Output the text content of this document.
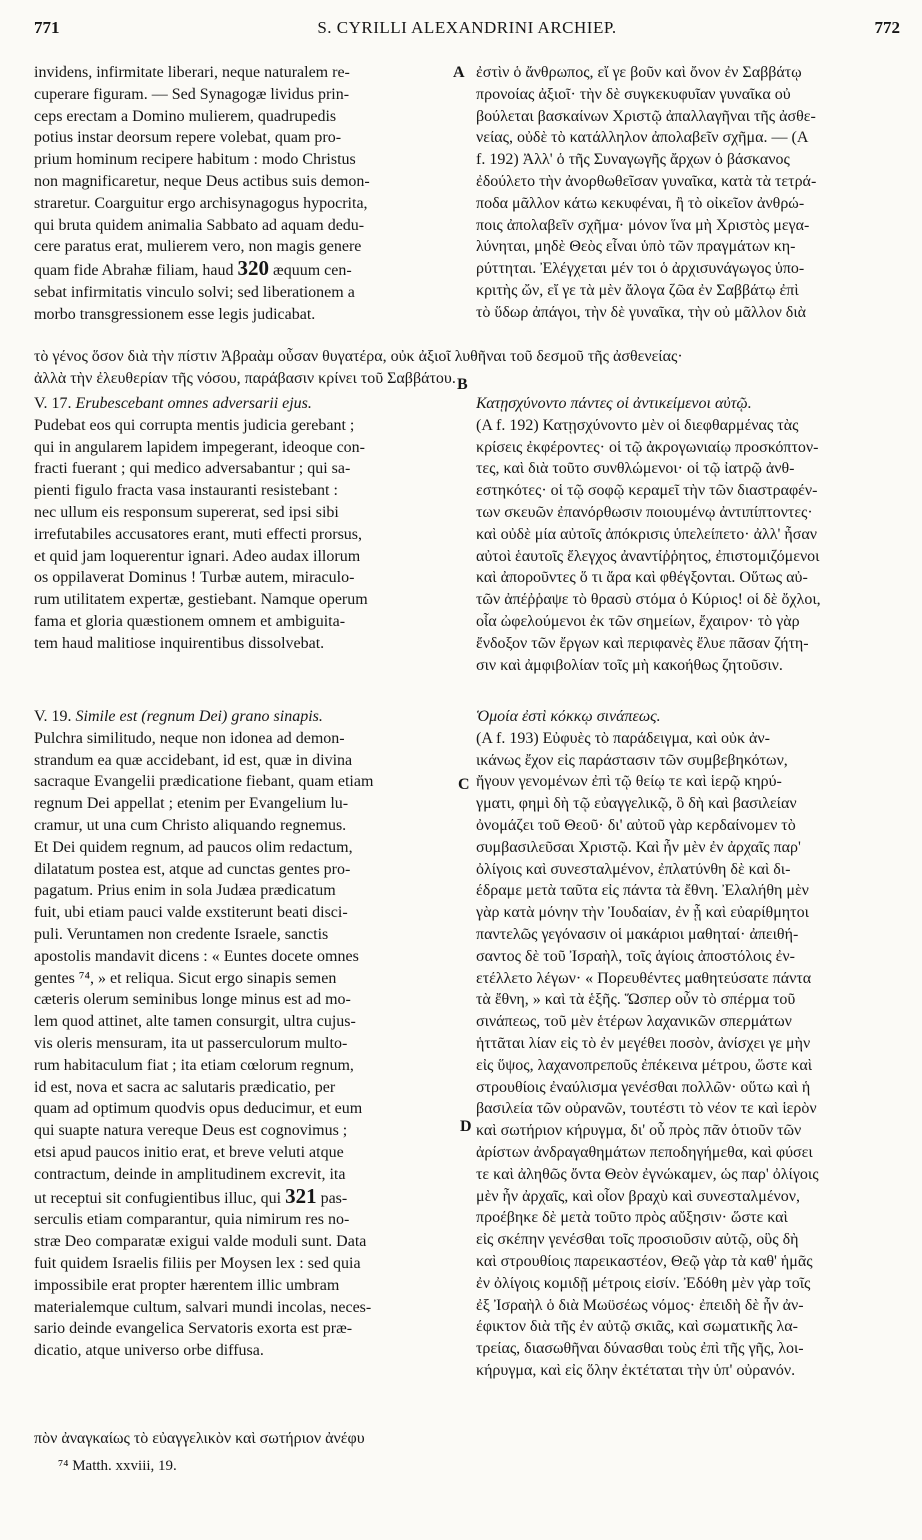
771	S. CYRILLI ALEXANDRINI ARCHIEP.	772
A
B
C
D
invidens, infirmitate liberari, neque naturalem re-
cuperare figuram. — Sed Synagogæ lividus prin-
ceps erectam a Domino mulierem, quadrupedis
potius instar deorsum repere volebat, quam pro-
prium hominum recipere habitum : modo Christus
non magnificaretur, neque Deus actibus suis demon-
straretur. Coarguitur ergo archisynagogus hypocrita,
qui bruta quidem animalia Sabbato ad aquam dedu-
cere paratus erat, mulierem vero, non magis genere
quam fide Abrahæ filiam, haud 320 æquum cen-
sebat infirmitatis vinculo solvi; sed liberationem a
morbo transgressionem esse legis judicabat.
ἐστὶν ὁ ἄνθρωπος, εἴ γε βοῦν καὶ ὄνον ἐν Σαββάτῳ
προνοίας ἀξιοῖ· τὴν δὲ συγκεκυφυῖαν γυναῖκα οὐ
βούλεται βασκαίνων Χριστῷ ἀπαλλαγῆναι τῆς ἀσθε-
νείας, οὐδὲ τὸ κατάλληλον ἀπολαβεῖν σχῆμα. — (A
f. 192) Ἀλλ' ὁ τῆς Συναγωγῆς ἄρχων ὁ βάσκανος
ἐδούλετο τὴν ἀνορθωθεῖσαν γυναῖκα, κατὰ τὰ τετρά-
ποδα μᾶλλον κάτω κεκυφέναι, ἢ τὸ οἰκεῖον ἀνθρώ-
ποις ἀπολαβεῖν σχῆμα· μόνον ἵνα μὴ Χριστὸς μεγα-
λύνηται, μηδὲ Θεὸς εἶναι ὑπὸ τῶν πραγμάτων κη-
ρύττηται. Ἐλέγχεται μέν τοι ὁ ἀρχισυνάγωγος ὑπο-
κριτὴς ὤν, εἴ γε τὰ μὲν ἄλογα ζῶα ἐν Σαββάτῳ ἐπὶ
τὸ ὕδωρ ἀπάγοι, τὴν δὲ γυναῖκα, τὴν οὐ μᾶλλον διὰ
τὸ γένος ὅσον διὰ τὴν πίστιν Ἀβραὰμ οὖσαν θυγατέρα, οὐκ ἀξιοῖ λυθῆναι τοῦ δεσμοῦ τῆς ἀσθενείας·
ἀλλὰ τὴν ἐλευθερίαν τῆς νόσου, παράβασιν κρίνει τοῦ Σαββάτου.
V. 17. Erubescebant omnes adversarii ejus.
Pudebat eos qui corrupta mentis judicia gerebant ;
qui in angularem lapidem impegerant, ideoque con-
fracti fuerant ; qui medico adversabantur ; qui sa-
pienti figulo fracta vasa instauranti resistebant :
nec ullum eis responsum supererat, sed ipsi sibi
irrefutabiles accusatores erant, muti effecti prorsus,
et quid jam loquerentur ignari. Adeo audax illorum
os oppilaverat Dominus ! Turbæ autem, miraculo-
rum utilitatem expertæ, gestiebant. Namque operum
fama et gloria quæstionem omnem et ambiguita-
tem haud malitiose inquirentibus dissolvebat.
Κατῃσχύνοντο πάντες οἱ ἀντικείμενοι αὐτῷ.
(A f. 192) Κατῃσχύνοντο μὲν οἱ διεφθαρμένας τὰς
κρίσεις ἐκφέροντες· οἱ τῷ ἀκρογωνιαίῳ προσκόπτον-
τες, καὶ διὰ τοῦτο συνθλώμενοι· οἱ τῷ ἰατρῷ ἀνθ-
εστηκότες· οἱ τῷ σοφῷ κεραμεῖ τὴν τῶν διαστραφέν-
των σκευῶν ἐπανόρθωσιν ποιουμένῳ ἀντιπίπτοντες·
καὶ οὐδὲ μία αὐτοῖς ἀπόκρισις ὑπελείπετο· ἀλλ' ἦσαν
αὐτοὶ ἑαυτοῖς ἔλεγχος ἀναντίῤῥητος, ἐπιστομιζόμενοι
καὶ ἀποροῦντες ὅ τι ἄρα καὶ φθέγξονται. Οὕτως αὐ-
τῶν ἀπέῤῥαψε τὸ θρασὺ στόμα ὁ Κύριος! οἱ δὲ ὄχλοι,
οἷα ὠφελούμενοι ἐκ τῶν σημείων, ἔχαιρον· τὸ γὰρ
ἔνδοξον τῶν ἔργων καὶ περιφανὲς ἔλυε πᾶσαν ζήτη-
σιν καὶ ἀμφιβολίαν τοῖς μὴ κακοήθως ζητοῦσιν.
V. 19. Simile est (regnum Dei) grano sinapis.
Pulchra similitudo, neque non idonea ad demon-
strandum ea quæ accidebant, id est, quæ in divina
sacraque Evangelii prædicatione fiebant, quam etiam
regnum Dei appellat ; etenim per Evangelium lu-
cramur, ut una cum Christo aliquando regnemus.
Et Dei quidem regnum, ad paucos olim redactum,
dilatatum postea est, atque ad cunctas gentes pro-
pagatum. Prius enim in sola Judæa prædicatum
fuit, ubi etiam pauci valde exstiterunt beati disci-
puli. Veruntamen non credente Israele, sanctis
apostolis mandavit dicens : « Euntes docete omnes
gentes ⁷⁴, » et reliqua. Sicut ergo sinapis semen
cæteris olerum seminibus longe minus est ad mo-
lem quod attinet, alte tamen consurgit, ultra cujus-
vis oleris mensuram, ita ut passerculorum multo-
rum habitaculum fiat ; ita etiam cœlorum regnum,
id est, nova et sacra ac salutaris prædicatio, per
quam ad optimum quodvis opus deducimur, et eum
qui suapte natura vereque Deus est cognovimus ;
etsi apud paucos initio erat, et breve veluti atque
contractum, deinde in amplitudinem excrevit, ita
ut receptui sit confugientibus illuc, qui 321 pas-
serculis etiam comparantur, quia nimirum res no-
stræ Deo comparatæ exigui valde moduli sunt. Data
fuit quidem Israelis filiis per Moysen lex : sed quia
impossibile erat propter hærentem illic umbram
materialemque cultum, salvari mundi incolas, neces-
sario deinde evangelica Servatoris exorta est præ-
dicatio, atque universo orbe diffusa.
πὸν ἀναγκαίως τὸ εὐαγγελικὸν καὶ σωτήριον ἀνέφυ
Ὁμοία ἐστὶ κόκκῳ σινάπεως.
(A f. 193) Εὐφυὲς τὸ παράδειγμα, καὶ οὐκ ἀν-
ικάνως ἔχον εἰς παράστασιν τῶν συμβεβηκότων,
ἤγουν γενομένων ἐπὶ τῷ θείῳ τε καὶ ἱερῷ κηρύ-
γματι, φημὶ δὴ τῷ εὐαγγελικῷ, ὃ δὴ καὶ βασιλείαν
ὀνομάζει τοῦ Θεοῦ· δι' αὐτοῦ γὰρ κερδαίνομεν τὸ
συμβασιλεῦσαι Χριστῷ. Καὶ ἦν μὲν ἐν ἀρχαῖς παρ'
ὀλίγοις καὶ συνεσταλμένον, ἐπλατύνθη δὲ καὶ δι-
έδραμε μετὰ ταῦτα εἰς πάντα τὰ ἔθνη. Ἐλαλήθη μὲν
γὰρ κατὰ μόνην τὴν Ἰουδαίαν, ἐν ᾗ καὶ εὐαρίθμητοι
παντελῶς γεγόνασιν οἱ μακάριοι μαθηταί· ἀπειθή-
σαντος δὲ τοῦ Ἰσραὴλ, τοῖς ἁγίοις ἀποστόλοις ἐν-
ετέλλετο λέγων· « Πορευθέντες μαθητεύσατε πάντα
τὰ ἔθνη, » καὶ τὰ ἑξῆς. Ὥσπερ οὖν τὸ σπέρμα τοῦ
σινάπεως, τοῦ μὲν ἑτέρων λαχανικῶν σπερμάτων
ἡττᾶται λίαν εἰς τὸ ἐν μεγέθει ποσὸν, ἀνίσχει γε μὴν
εἰς ὕψος, λαχανοπρεποῦς ἐπέκεινα μέτρου, ὥστε καὶ
στρουθίοις ἐναύλισμα γενέσθαι πολλῶν· οὕτω καὶ ἡ
βασιλεία τῶν οὐρανῶν, τουτέστι τὸ νέον τε καὶ ἱερὸν
καὶ σωτήριον κήρυγμα, δι' οὗ πρὸς πᾶν ὁτιοῦν τῶν
ἀρίστων ἀνδραγαθημάτων πεποδηγήμεθα, καὶ φύσει
τε καὶ ἀληθῶς ὄντα Θεὸν ἐγνώκαμεν, ὡς παρ' ὀλίγοις
μὲν ἦν ἀρχαῖς, καὶ οἷον βραχὺ καὶ συνεσταλμένον,
προέβηκε δὲ μετὰ τοῦτο πρὸς αὔξησιν· ὥστε καὶ
εἰς σκέπην γενέσθαι τοῖς προσιοῦσιν αὐτῷ, οὓς δὴ
καὶ στρουθίοις παρεικαστέον, Θεῷ γὰρ τὰ καθ' ἡμᾶς
ἐν ὀλίγοις κομιδῇ μέτροις εἰσίν. Ἐδόθη μὲν γὰρ τοῖς
ἐξ Ἰσραὴλ ὁ διὰ Μωϋσέως νόμος· ἐπειδὴ δὲ ἦν ἀν-
έφικτον διὰ τῆς ἐν αὐτῷ σκιᾶς, καὶ σωματικῆς λα-
τρείας, διασωθῆναι δύνασθαι τοὺς ἐπὶ τῆς γῆς, λοι-
κήρυγμα, καὶ εἰς ὅλην ἐκτέταται τὴν ὑπ' οὐρανόν.
⁷⁴ Matth. xxviii, 19.
